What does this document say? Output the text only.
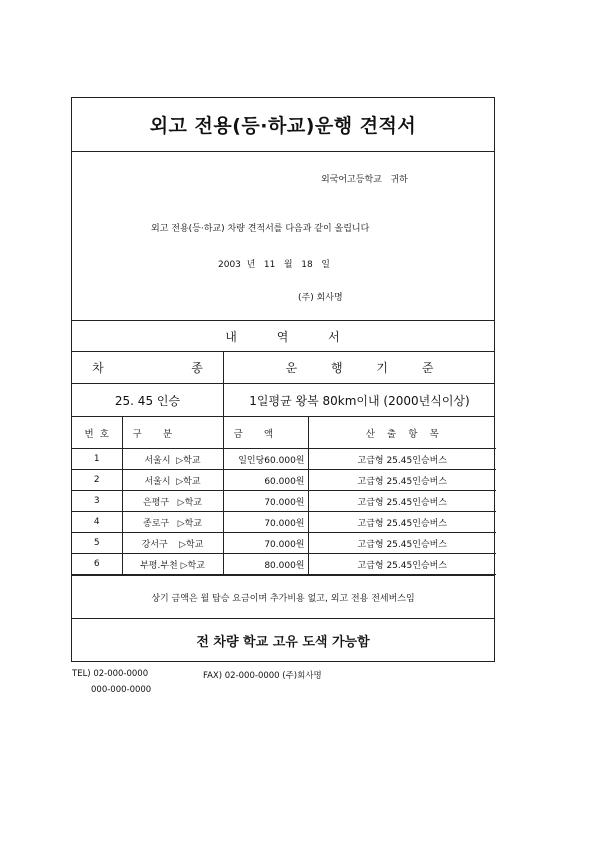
외고 전용(등·하교)운행 견적서
외국어고등학교   귀하
외고 전용(등·하교) 차량 견적서를 다음과 같이 올립니다
2003  년   11   월   18   일
(주) 회사명
내 역 서
차  종	운 행 기 준
25. 45 인승	1일평균 왕복 80km이내 (2000년식이상)
번  호	구       분	금       액	산    출    항    목
1	서울시  ▷학교	일인당60.000원	고급형 25.45인승버스
2	서울시  ▷학교	60.000원	고급형 25.45인승버스
3	은평구   ▷학교	70.000원	고급형 25.45인승버스
4	종로구   ▷학교	70.000원	고급형 25.45인승버스
5	강서구    ▷학교	70.000원	고급형 25.45인승버스
6	부평.부천 ▷학교	80.000원	고급형 25.45인승버스
상기 금액은 월 탑승 요금이며 추가비용 없고, 외고 전용 전세버스임
전 차량 학교 고유 도색 가능함
TEL) 02-000-0000	FAX) 02-000-0000 (주)회사명
000-000-0000
